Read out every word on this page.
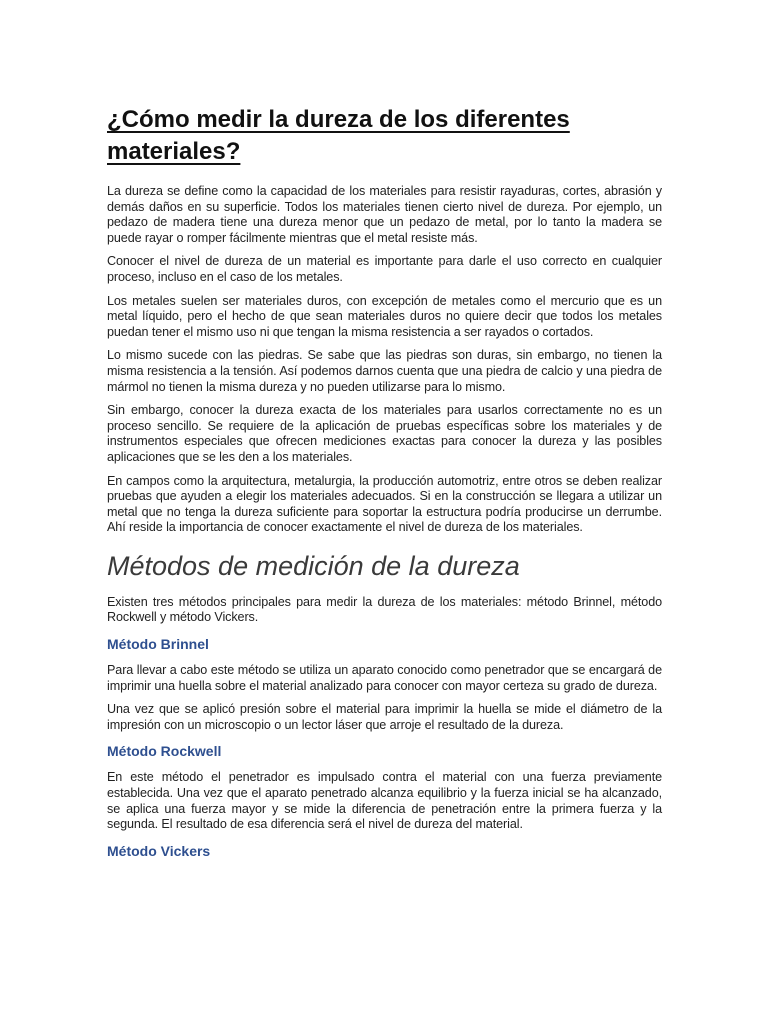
¿Cómo medir la dureza de los diferentes materiales?

La dureza se define como la capacidad de los materiales para resistir rayaduras, cortes, abrasión y demás daños en su superficie. Todos los materiales tienen cierto nivel de dureza. Por ejemplo, un pedazo de madera tiene una dureza menor que un pedazo de metal, por lo tanto la madera se puede rayar o romper fácilmente mientras que el metal resiste más.

Conocer el nivel de dureza de un material es importante para darle el uso correcto en cualquier proceso, incluso en el caso de los metales.

Los metales suelen ser materiales duros, con excepción de metales como el mercurio que es un metal líquido, pero el hecho de que sean materiales duros no quiere decir que todos los metales puedan tener el mismo uso ni que tengan la misma resistencia a ser rayados o cortados.

Lo mismo sucede con las piedras. Se sabe que las piedras son duras, sin embargo, no tienen la misma resistencia a la tensión. Así podemos darnos cuenta que una piedra de calcio y una piedra de mármol no tienen la misma dureza y no pueden utilizarse para lo mismo.

Sin embargo, conocer la dureza exacta de los materiales para usarlos correctamente no es un proceso sencillo. Se requiere de la aplicación de pruebas específicas sobre los materiales y de instrumentos especiales que ofrecen mediciones exactas para conocer la dureza y las posibles aplicaciones que se les den a los materiales.

En campos como la arquitectura, metalurgia, la producción automotriz, entre otros se deben realizar pruebas que ayuden a elegir los materiales adecuados. Si en la construcción se llegara a utilizar un metal que no tenga la dureza suficiente para soportar la estructura podría producirse un derrumbe. Ahí reside la importancia de conocer exactamente el nivel de dureza de los materiales.

Métodos de medición de la dureza

Existen tres métodos principales para medir la dureza de los materiales: método Brinnel, método Rockwell y método Vickers.

Método Brinnel

Para llevar a cabo este método se utiliza un aparato conocido como penetrador que se encargará de imprimir una huella sobre el material analizado para conocer con mayor certeza su grado de dureza.

Una vez que se aplicó presión sobre el material para imprimir la huella se mide el diámetro de la impresión con un microscopio o un lector láser que arroje el resultado de la dureza.

Método Rockwell

En este método el penetrador es impulsado contra el material con una fuerza previamente establecida. Una vez que el aparato penetrado alcanza equilibrio y la fuerza inicial se ha alcanzado, se aplica una fuerza mayor y se mide la diferencia de penetración entre la primera fuerza y la segunda. El resultado de esa diferencia será el nivel de dureza del material.

Método Vickers
